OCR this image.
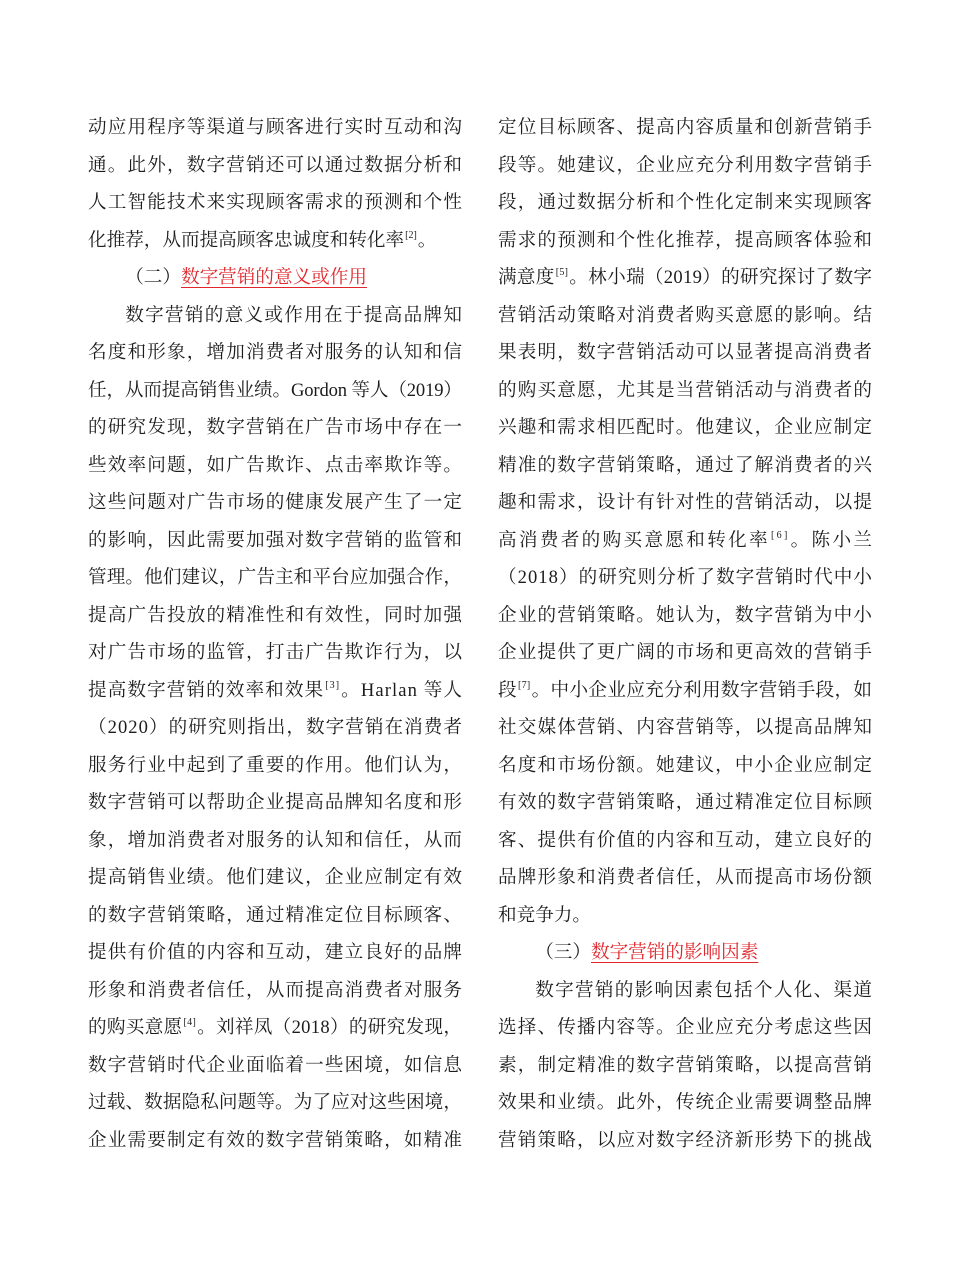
动应用程序等渠道与顾客进行实时互动和沟
通。此外，数字营销还可以通过数据分析和
人工智能技术来实现顾客需求的预测和个性
化推荐，从而提高顾客忠诚度和转化率[2]。
（二）数字营销的意义或作用
数字营销的意义或作用在于提高品牌知
名度和形象，增加消费者对服务的认知和信
任，从而提高销售业绩。Gordon 等人（2019）
的研究发现，数字营销在广告市场中存在一
些效率问题，如广告欺诈、点击率欺诈等。
这些问题对广告市场的健康发展产生了一定
的影响，因此需要加强对数字营销的监管和
管理。他们建议，广告主和平台应加强合作，
提高广告投放的精准性和有效性，同时加强
对广告市场的监管，打击广告欺诈行为，以
提高数字营销的效率和效果[3]。Harlan 等人
（2020）的研究则指出，数字营销在消费者
服务行业中起到了重要的作用。他们认为，
数字营销可以帮助企业提高品牌知名度和形
象，增加消费者对服务的认知和信任，从而
提高销售业绩。他们建议，企业应制定有效
的数字营销策略，通过精准定位目标顾客、
提供有价值的内容和互动，建立良好的品牌
形象和消费者信任，从而提高消费者对服务
的购买意愿[4]。刘祥凤（2018）的研究发现，
数字营销时代企业面临着一些困境，如信息
过载、数据隐私问题等。为了应对这些困境，
企业需要制定有效的数字营销策略，如精准
定位目标顾客、提高内容质量和创新营销手
段等。她建议，企业应充分利用数字营销手
段，通过数据分析和个性化定制来实现顾客
需求的预测和个性化推荐，提高顾客体验和
满意度[5]。林小瑞（2019）的研究探讨了数字
营销活动策略对消费者购买意愿的影响。结
果表明，数字营销活动可以显著提高消费者
的购买意愿，尤其是当营销活动与消费者的
兴趣和需求相匹配时。他建议，企业应制定
精准的数字营销策略，通过了解消费者的兴
趣和需求，设计有针对性的营销活动，以提
高消费者的购买意愿和转化率[6]。陈小兰
（2018）的研究则分析了数字营销时代中小
企业的营销策略。她认为，数字营销为中小
企业提供了更广阔的市场和更高效的营销手
段[7]。中小企业应充分利用数字营销手段，如
社交媒体营销、内容营销等，以提高品牌知
名度和市场份额。她建议，中小企业应制定
有效的数字营销策略，通过精准定位目标顾
客、提供有价值的内容和互动，建立良好的
品牌形象和消费者信任，从而提高市场份额
和竞争力。
（三）数字营销的影响因素
数字营销的影响因素包括个人化、渠道
选择、传播内容等。企业应充分考虑这些因
素，制定精准的数字营销策略，以提高营销
效果和业绩。此外，传统企业需要调整品牌
营销策略，以应对数字经济新形势下的挑战
